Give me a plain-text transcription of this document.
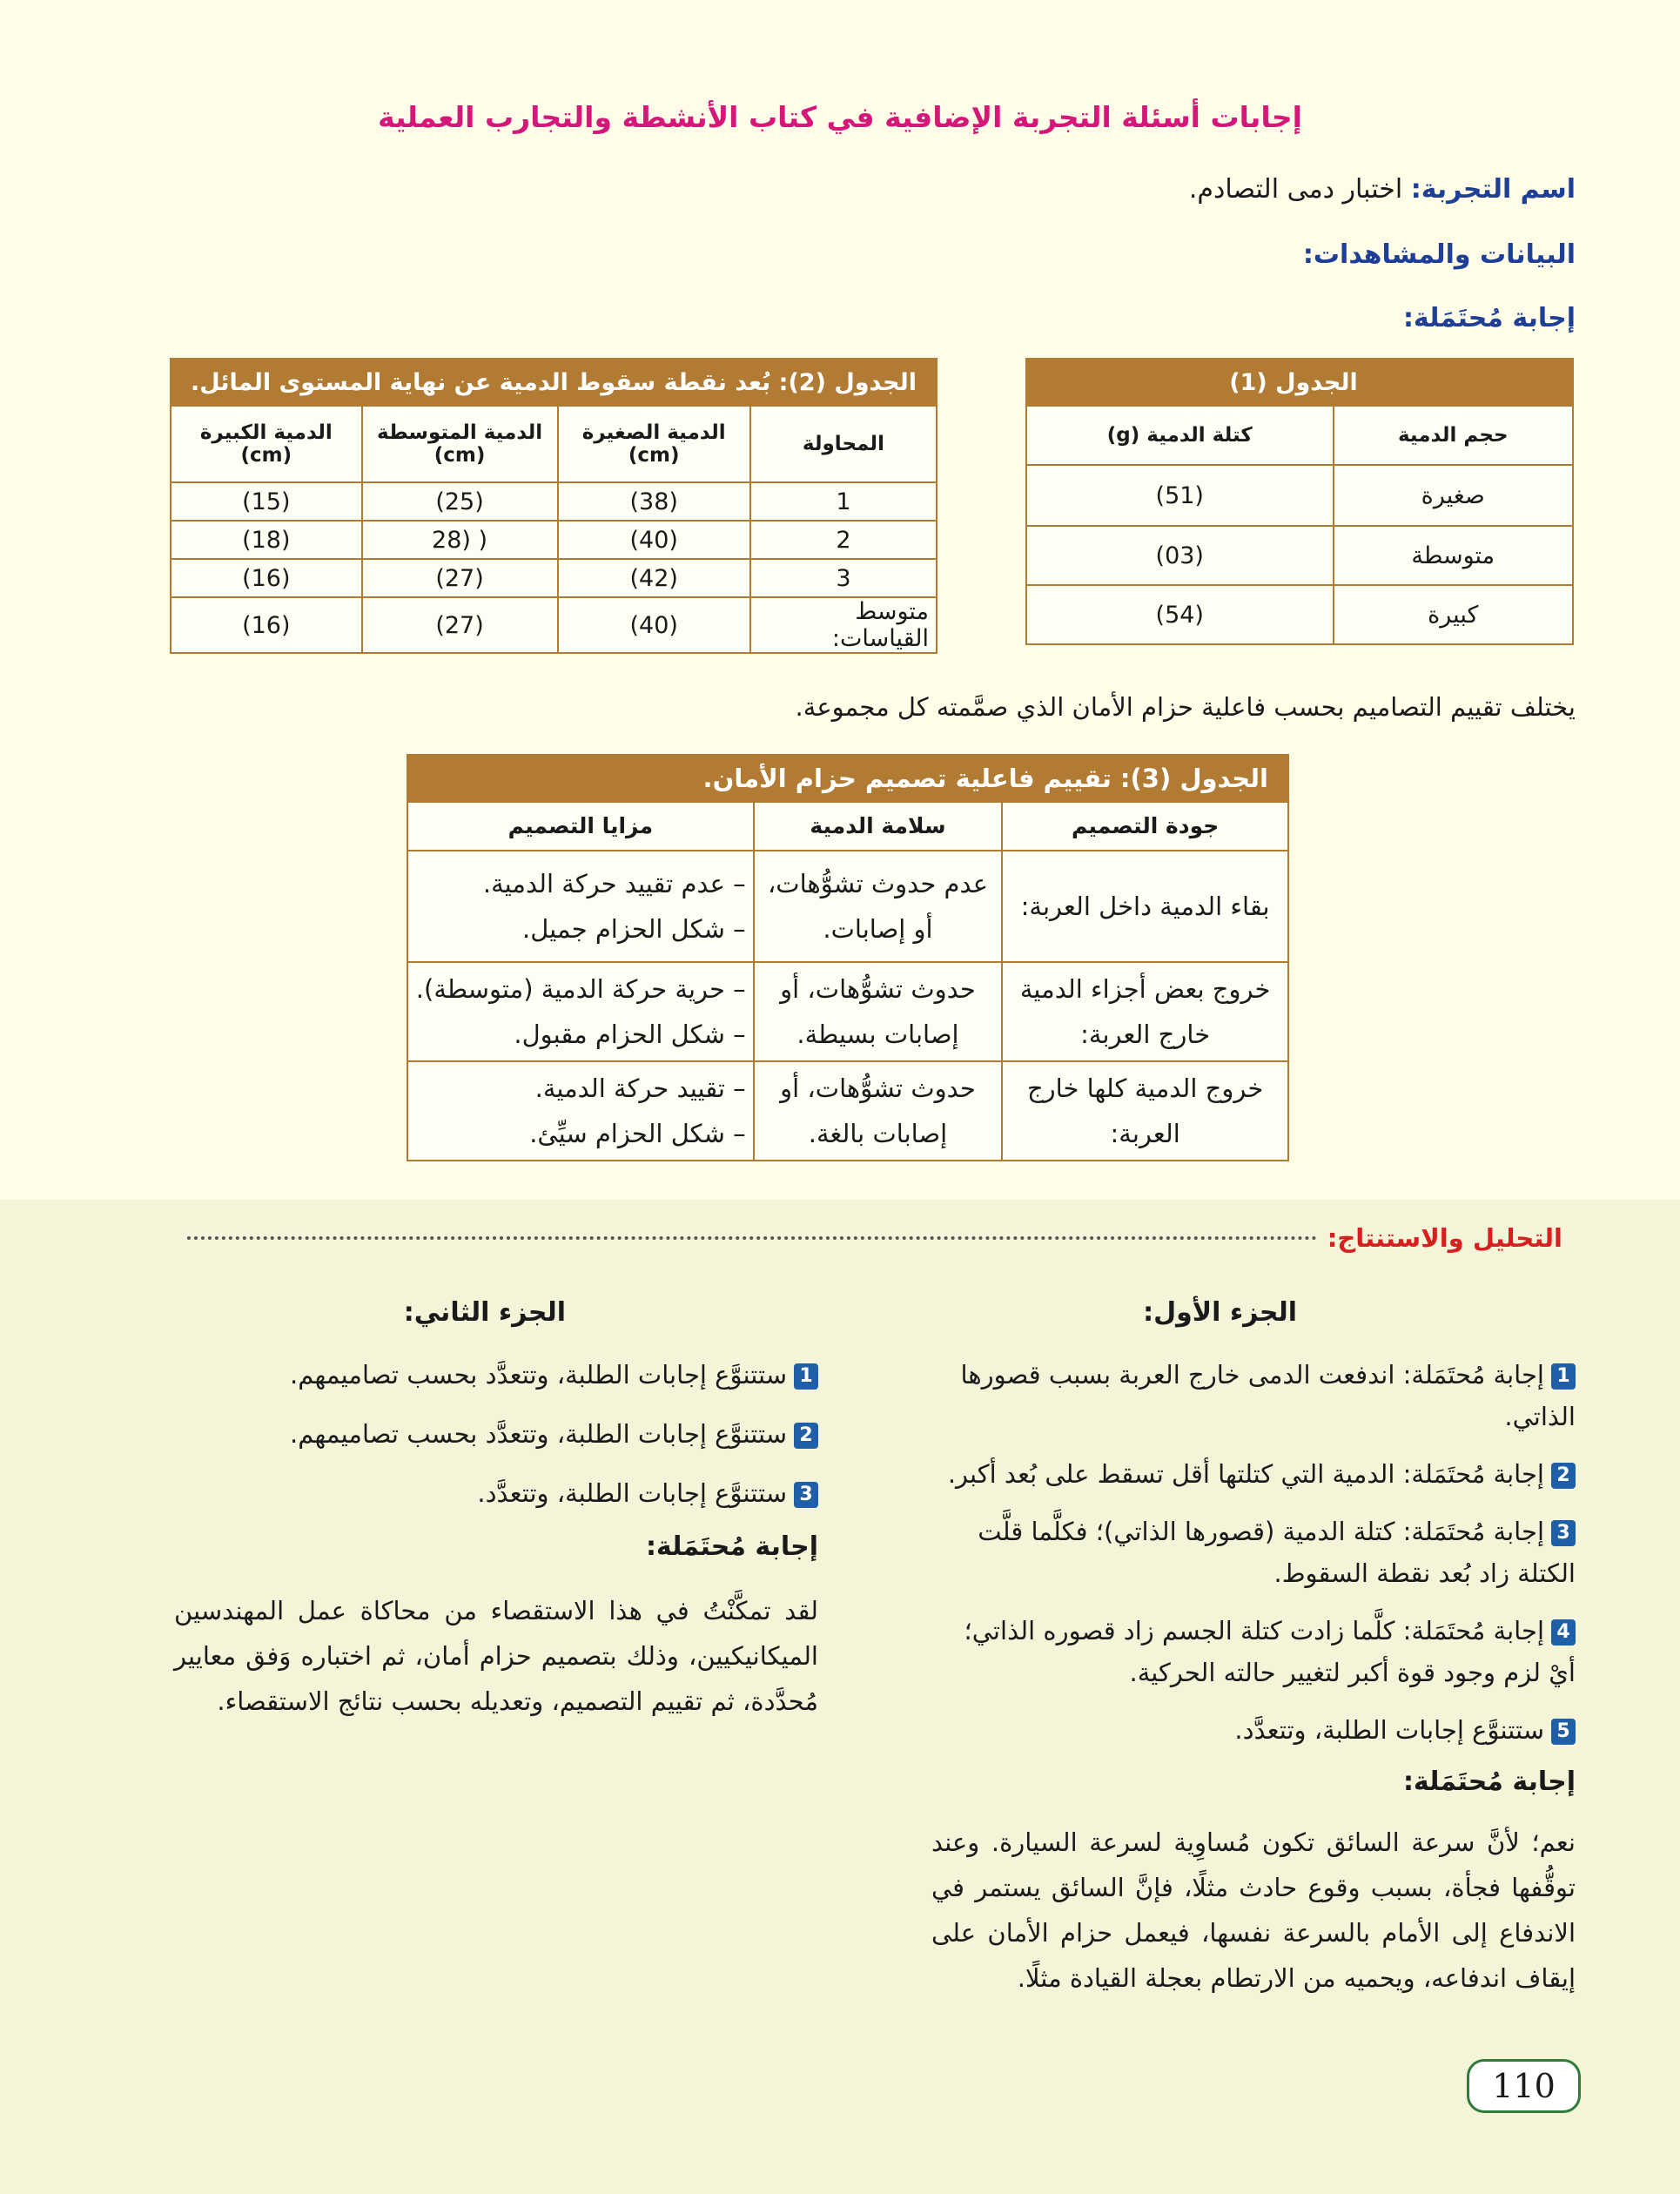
إجابات أسئلة التجربة الإضافية في كتاب الأنشطة والتجارب العملية
اسم التجربة: اختبار دمى التصادم.
البيانات والمشاهدات:
إجابة مُحتَمَلة:
الجدول (1)	
حجم الدمية	كتلة الدمية (g)
صغيرة	(51)
متوسطة	(03)
كبيرة	(54)
الجدول (2): بُعد نقطة سقوط الدمية عن نهاية المستوى المائل.			
المحاولة	الدمية الصغيرة (cm)	الدمية المتوسطة (cm)	الدمية الكبيرة (cm)
1	(38)	(25)	(15)
2	(40)	( (28	(18)
3	(42)	(27)	(16)
متوسط القياسات:	(40)	(27)	(16)
يختلف تقييم التصاميم بحسب فاعلية حزام الأمان الذي صمَّمته كل مجموعة.
الجدول (3): تقييم فاعلية تصميم حزام الأمان.		
جودة التصميم	سلامة الدمية	مزايا التصميم
بقاء الدمية داخل العربة:	عدم حدوث تشوُّهات، أو إصابات.	– عدم تقييد حركة الدمية.
– شكل الحزام جميل.
خروج بعض أجزاء الدمية خارج العربة:	حدوث تشوُّهات، أو إصابات بسيطة.	– حرية حركة الدمية (متوسطة).
– شكل الحزام مقبول.
خروج الدمية كلها خارج العربة:	حدوث تشوُّهات، أو إصابات بالغة.	– تقييد حركة الدمية.
– شكل الحزام سيِّئ.
التحليل والاستنتاج:
الجزء الأول:
1إجابة مُحتَمَلة: اندفعت الدمى خارج العربة بسبب قصورها الذاتي.
2إجابة مُحتَمَلة: الدمية التي كتلتها أقل تسقط على بُعد أكبر.
3إجابة مُحتَمَلة: كتلة الدمية (قصورها الذاتي)؛ فكلَّما قلَّت الكتلة زاد بُعد نقطة السقوط.
4إجابة مُحتَمَلة: كلَّما زادت كتلة الجسم زاد قصوره الذاتي؛ أيْ لزم وجود قوة أكبر لتغيير حالته الحركية.
5ستتنوَّع إجابات الطلبة، وتتعدَّد.
إجابة مُحتَمَلة:
نعم؛ لأنَّ سرعة السائق تكون مُساوِية لسرعة السيارة. وعند توقُّفها فجأة، بسبب وقوع حادث مثلًا، فإنَّ السائق يستمر في الاندفاع إلى الأمام بالسرعة نفسها، فيعمل حزام الأمان على إيقاف اندفاعه، ويحميه من الارتطام بعجلة القيادة مثلًا.
الجزء الثاني:
1ستتنوَّع إجابات الطلبة، وتتعدَّد بحسب تصاميمهم.
2ستتنوَّع إجابات الطلبة، وتتعدَّد بحسب تصاميمهم.
3ستتنوَّع إجابات الطلبة، وتتعدَّد.
إجابة مُحتَمَلة:
لقد تمكَّنْتُ في هذا الاستقصاء من محاكاة عمل المهندسين الميكانيكيين، وذلك بتصميم حزام أمان، ثم اختباره وَفق معايير مُحدَّدة، ثم تقييم التصميم، وتعديله بحسب نتائج الاستقصاء.
110
